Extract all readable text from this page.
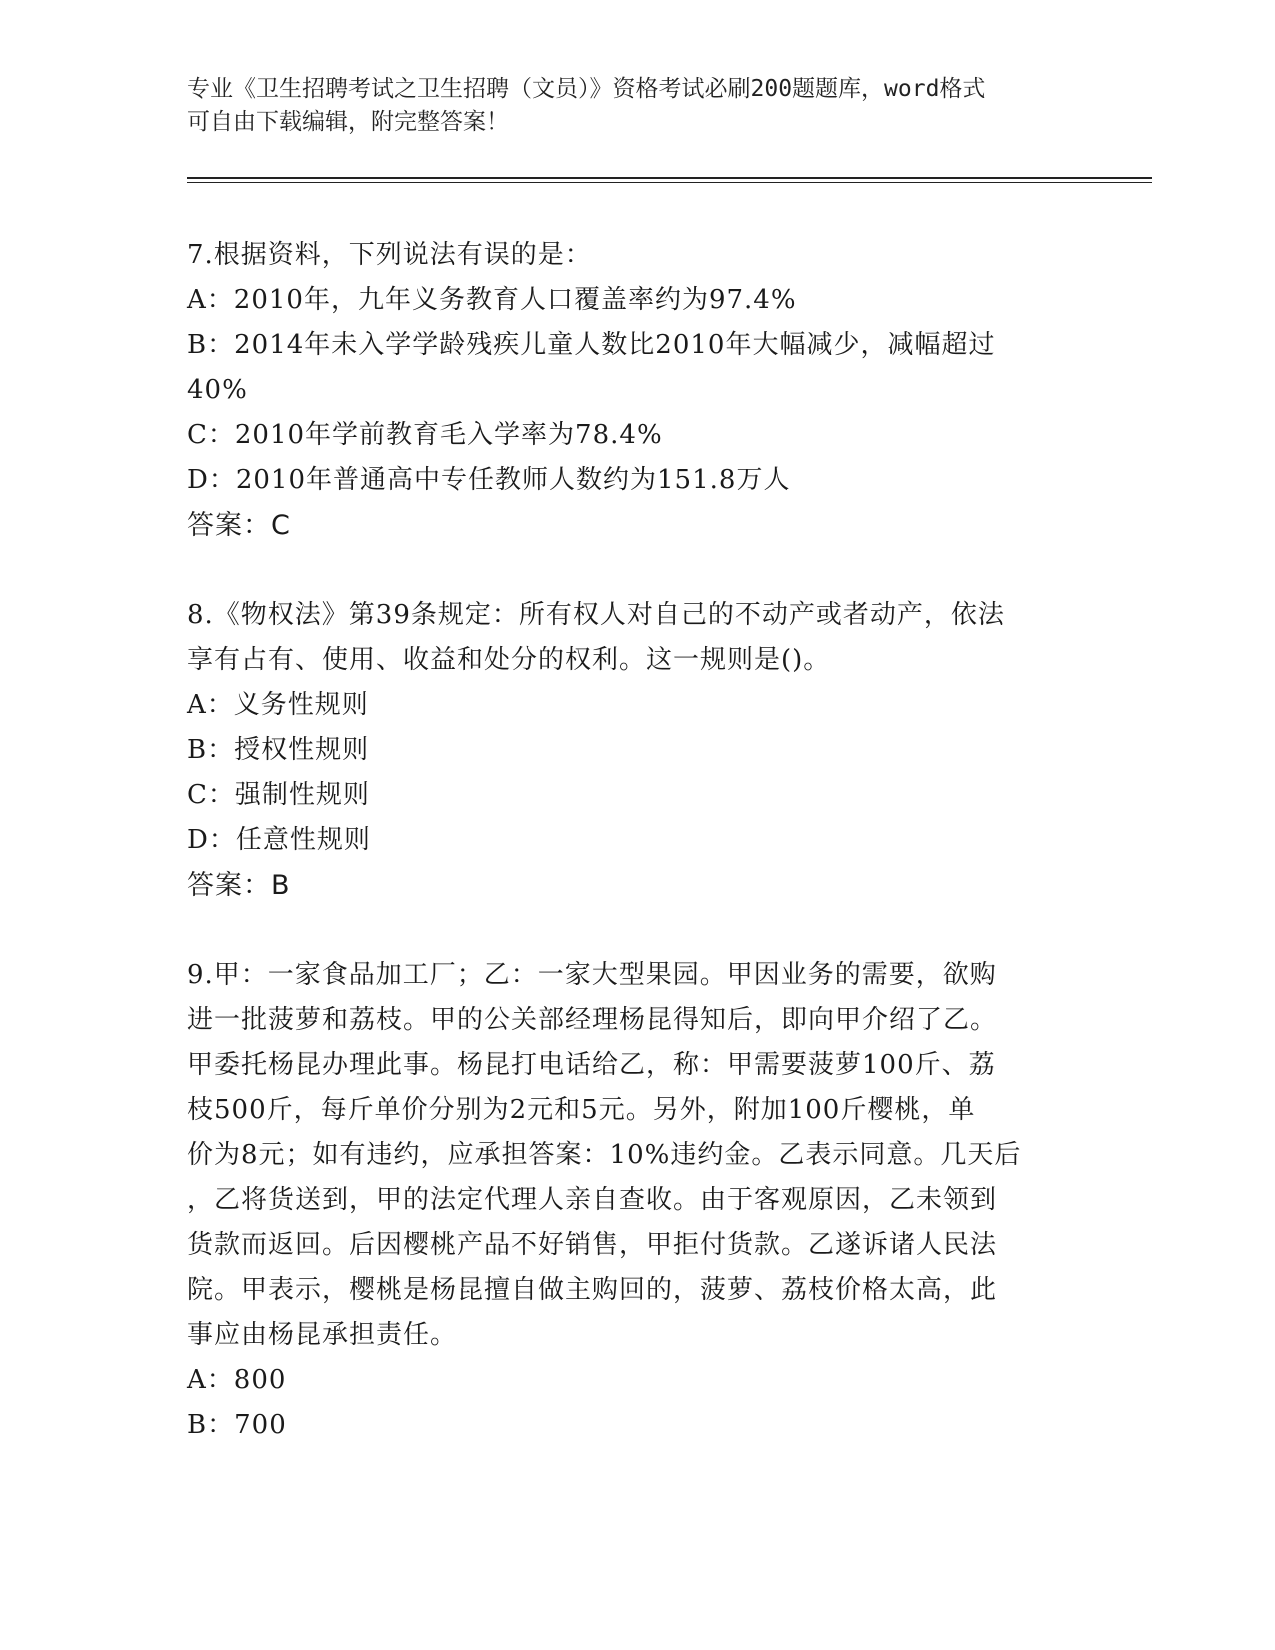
专业《卫生招聘考试之卫生招聘（文员）》资格考试必刷200题题库，word格式
可自由下载编辑，附完整答案！
7.根据资料，下列说法有误的是：
A：2010年，九年义务教育人口覆盖率约为97.4%
B：2014年未入学学龄残疾儿童人数比2010年大幅减少，减幅超过
40%
C：2010年学前教育毛入学率为78.4%
D：2010年普通高中专任教师人数约为151.8万人
答案：C
8.《物权法》第39条规定：所有权人对自己的不动产或者动产，依法
享有占有、使用、收益和处分的权利。这一规则是()。
A：义务性规则
B：授权性规则
C：强制性规则
D：任意性规则
答案：B
9.甲：一家食品加工厂；乙：一家大型果园。甲因业务的需要，欲购
进一批菠萝和荔枝。甲的公关部经理杨昆得知后，即向甲介绍了乙。
甲委托杨昆办理此事。杨昆打电话给乙，称：甲需要菠萝100斤、荔
枝500斤，每斤单价分别为2元和5元。另外，附加100斤樱桃，单
价为8元；如有违约，应承担答案：10%违约金。乙表示同意。几天后
，乙将货送到，甲的法定代理人亲自查收。由于客观原因，乙未领到
货款而返回。后因樱桃产品不好销售，甲拒付货款。乙遂诉诸人民法
院。甲表示，樱桃是杨昆擅自做主购回的，菠萝、荔枝价格太高，此
事应由杨昆承担责任。
A：800
B：700
